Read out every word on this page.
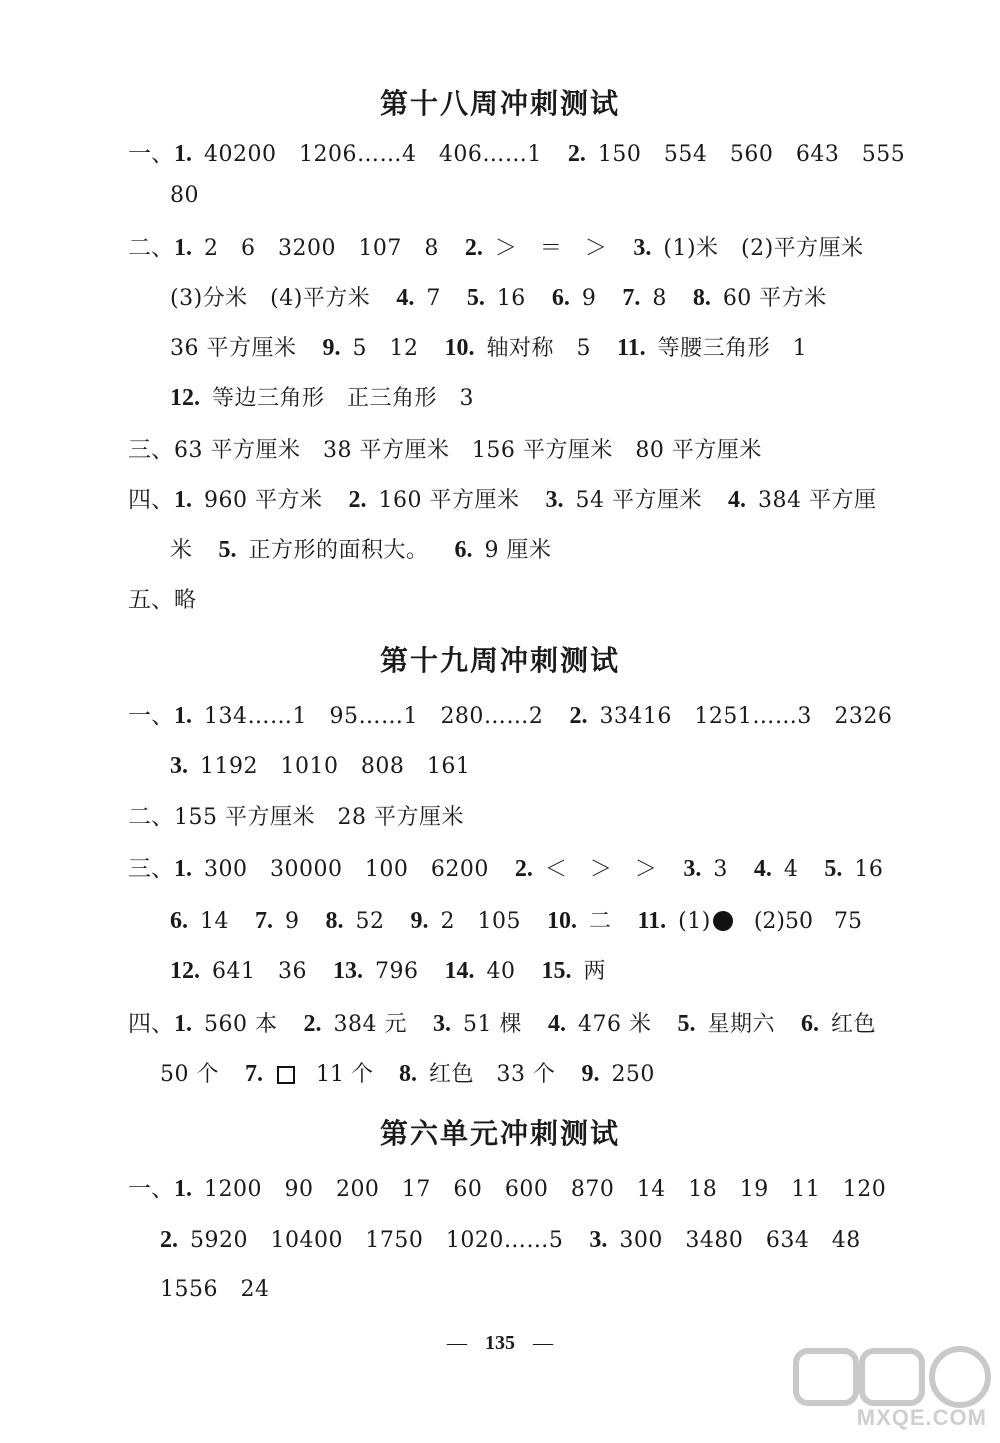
第十八周冲刺测试
一、1. 40200   1206……4   406……1 2. 150   554   560   643   555
80
二、1. 2   6   3200   107   8 2. ＞   ＝   ＞ 3. (1)米   (2)平方厘米
(3)分米   (4)平方米 4. 7 5. 16 6. 9 7. 8 8. 60 平方米
36 平方厘米 9. 5   12 10. 轴对称   5 11. 等腰三角形   1
12. 等边三角形   正三角形   3
三、63 平方厘米   38 平方厘米   156 平方厘米   80 平方厘米
四、1. 960 平方米 2. 160 平方厘米 3. 54 平方厘米 4. 384 平方厘
米 5. 正方形的面积大。 6. 9 厘米
五、略
第十九周冲刺测试
一、1. 134……1   95……1   280……2 2. 33416   1251……3   2326
3. 1192   1010   808   161
二、155 平方厘米   28 平方厘米
三、1. 300   30000   100   6200 2. ＜   ＞   ＞ 3. 3 4. 4 5. 16
6. 14 7. 9 8. 52 9. 2   105 10. 二 11. (1)   (2)50   75
12. 641   36 13. 796 14. 40 15. 两
四、1. 560 本 2. 384 元 3. 51 棵 4. 476 米 5. 星期六 6. 红色
50 个 7.   11 个 8. 红色   33 个 9. 250
第六单元冲刺测试
一、1. 1200   90   200   17   60   600   870   14   18   19   11   120
2. 5920   10400   1750   1020……5 3. 300   3480   634   48
1556   24
— 135 —
MXQE.COM
